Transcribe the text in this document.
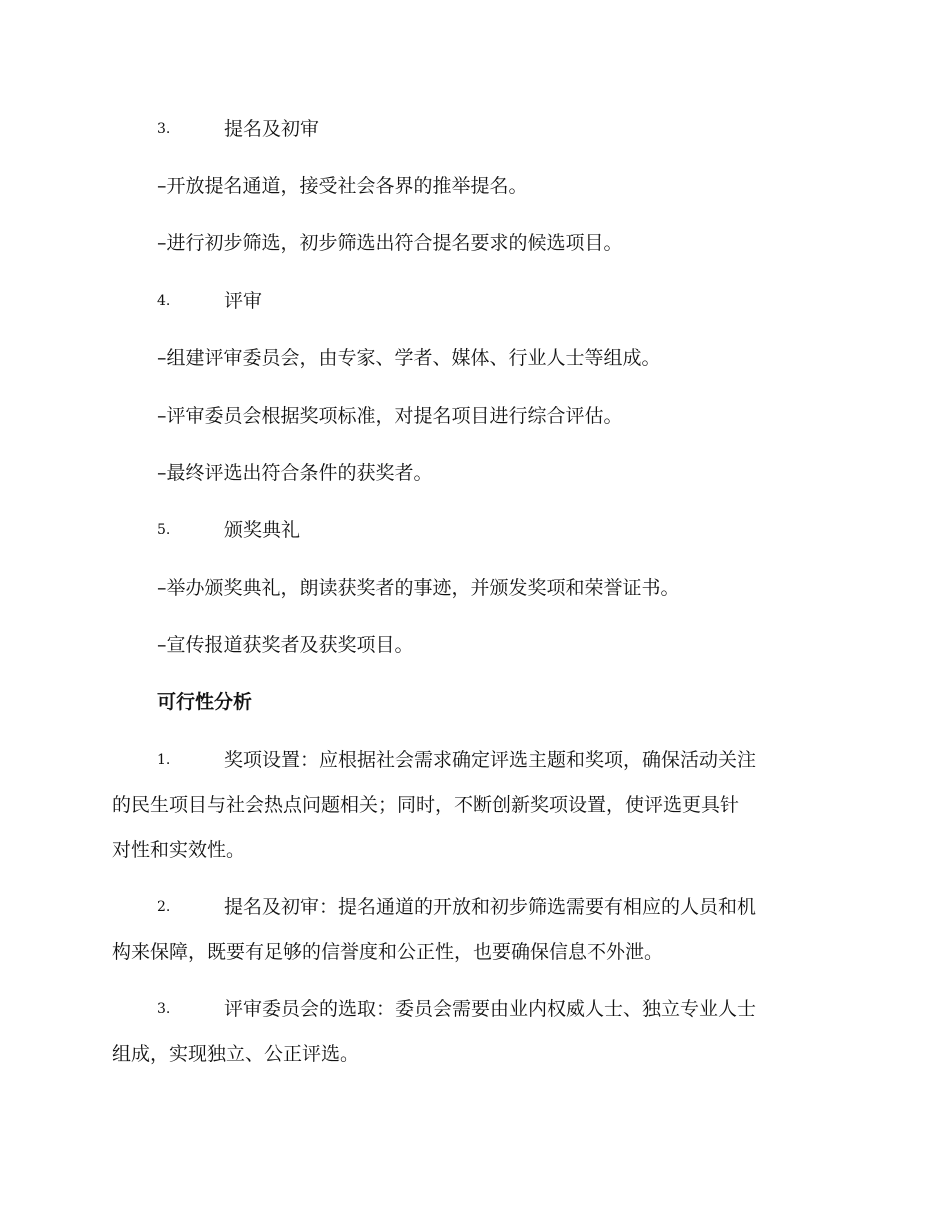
3.	提名及初审
–开放提名通道，接受社会各界的推举提名。
–进行初步筛选，初步筛选出符合提名要求的候选项目。
4.	评审
–组建评审委员会，由专家、学者、媒体、行业人士等组成。
–评审委员会根据奖项标准，对提名项目进行综合评估。
–最终评选出符合条件的获奖者。
5.	颁奖典礼
–举办颁奖典礼，朗读获奖者的事迹，并颁发奖项和荣誉证书。
–宣传报道获奖者及获奖项目。
可行性分析
1.	奖项设置：应根据社会需求确定评选主题和奖项，确保活动关注
的民生项目与社会热点问题相关；同时，不断创新奖项设置，使评选更具针
对性和实效性。
2.	提名及初审：提名通道的开放和初步筛选需要有相应的人员和机
构来保障，既要有足够的信誉度和公正性，也要确保信息不外泄。
3.	评审委员会的选取：委员会需要由业内权威人士、独立专业人士
组成，实现独立、公正评选。
